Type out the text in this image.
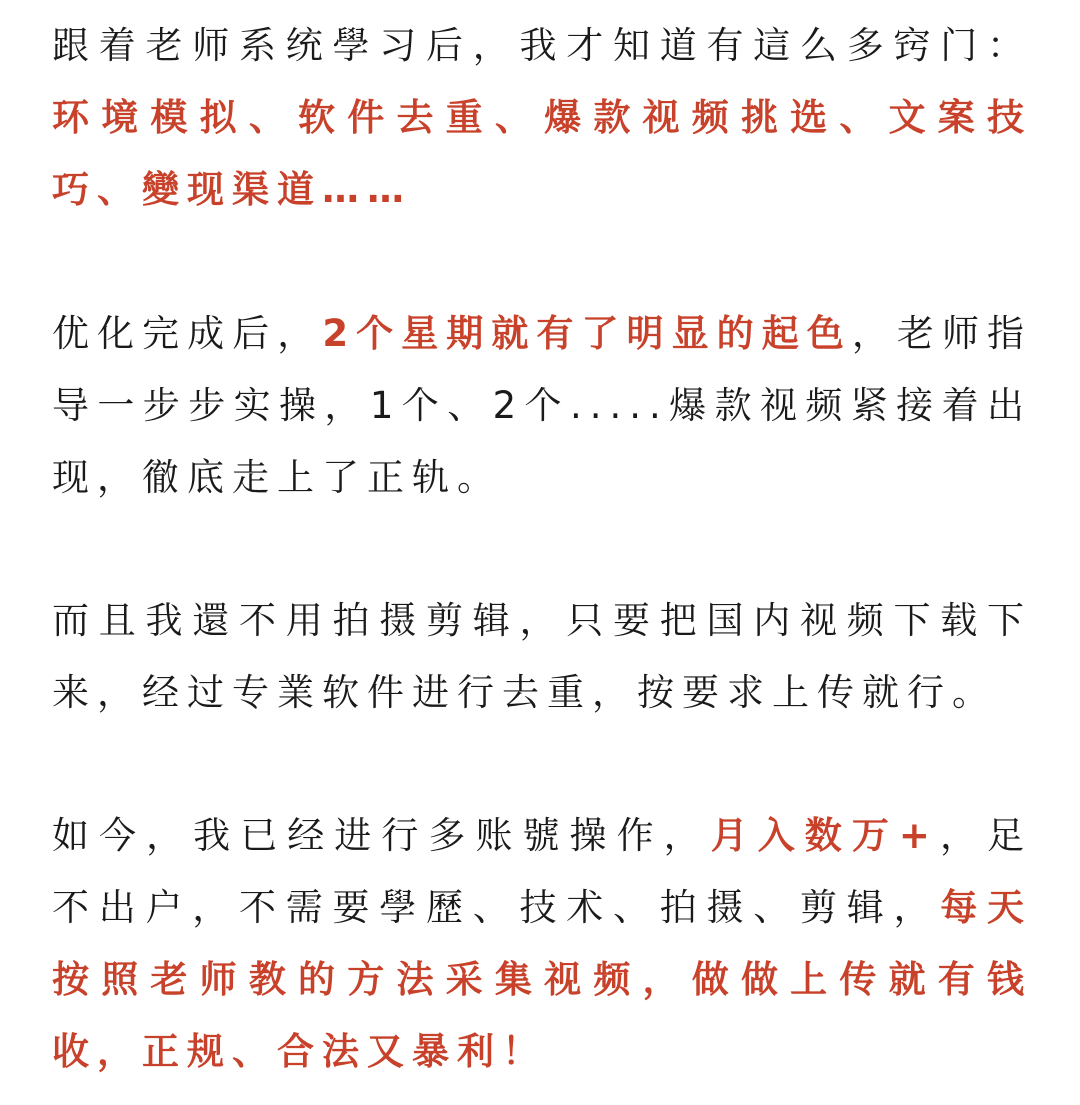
跟着老师系统學习后，我才知道有這么多窍门：环境模拟、软件去重、爆款视频挑选、文案技巧、變现渠道……

优化完成后，2个星期就有了明显的起色，老师指导一步步实操，1个、2个.....爆款视频紧接着出现，徹底走上了正轨。

而且我還不用拍摄剪辑，只要把国内视频下载下来，经过专業软件进行去重，按要求上传就行。

如今，我已经进行多账號操作，月入数万+，足不出户，不需要學歷、技术、拍摄、剪辑，每天按照老师教的方法采集视频，做做上传就有钱收，正规、合法又暴利！
